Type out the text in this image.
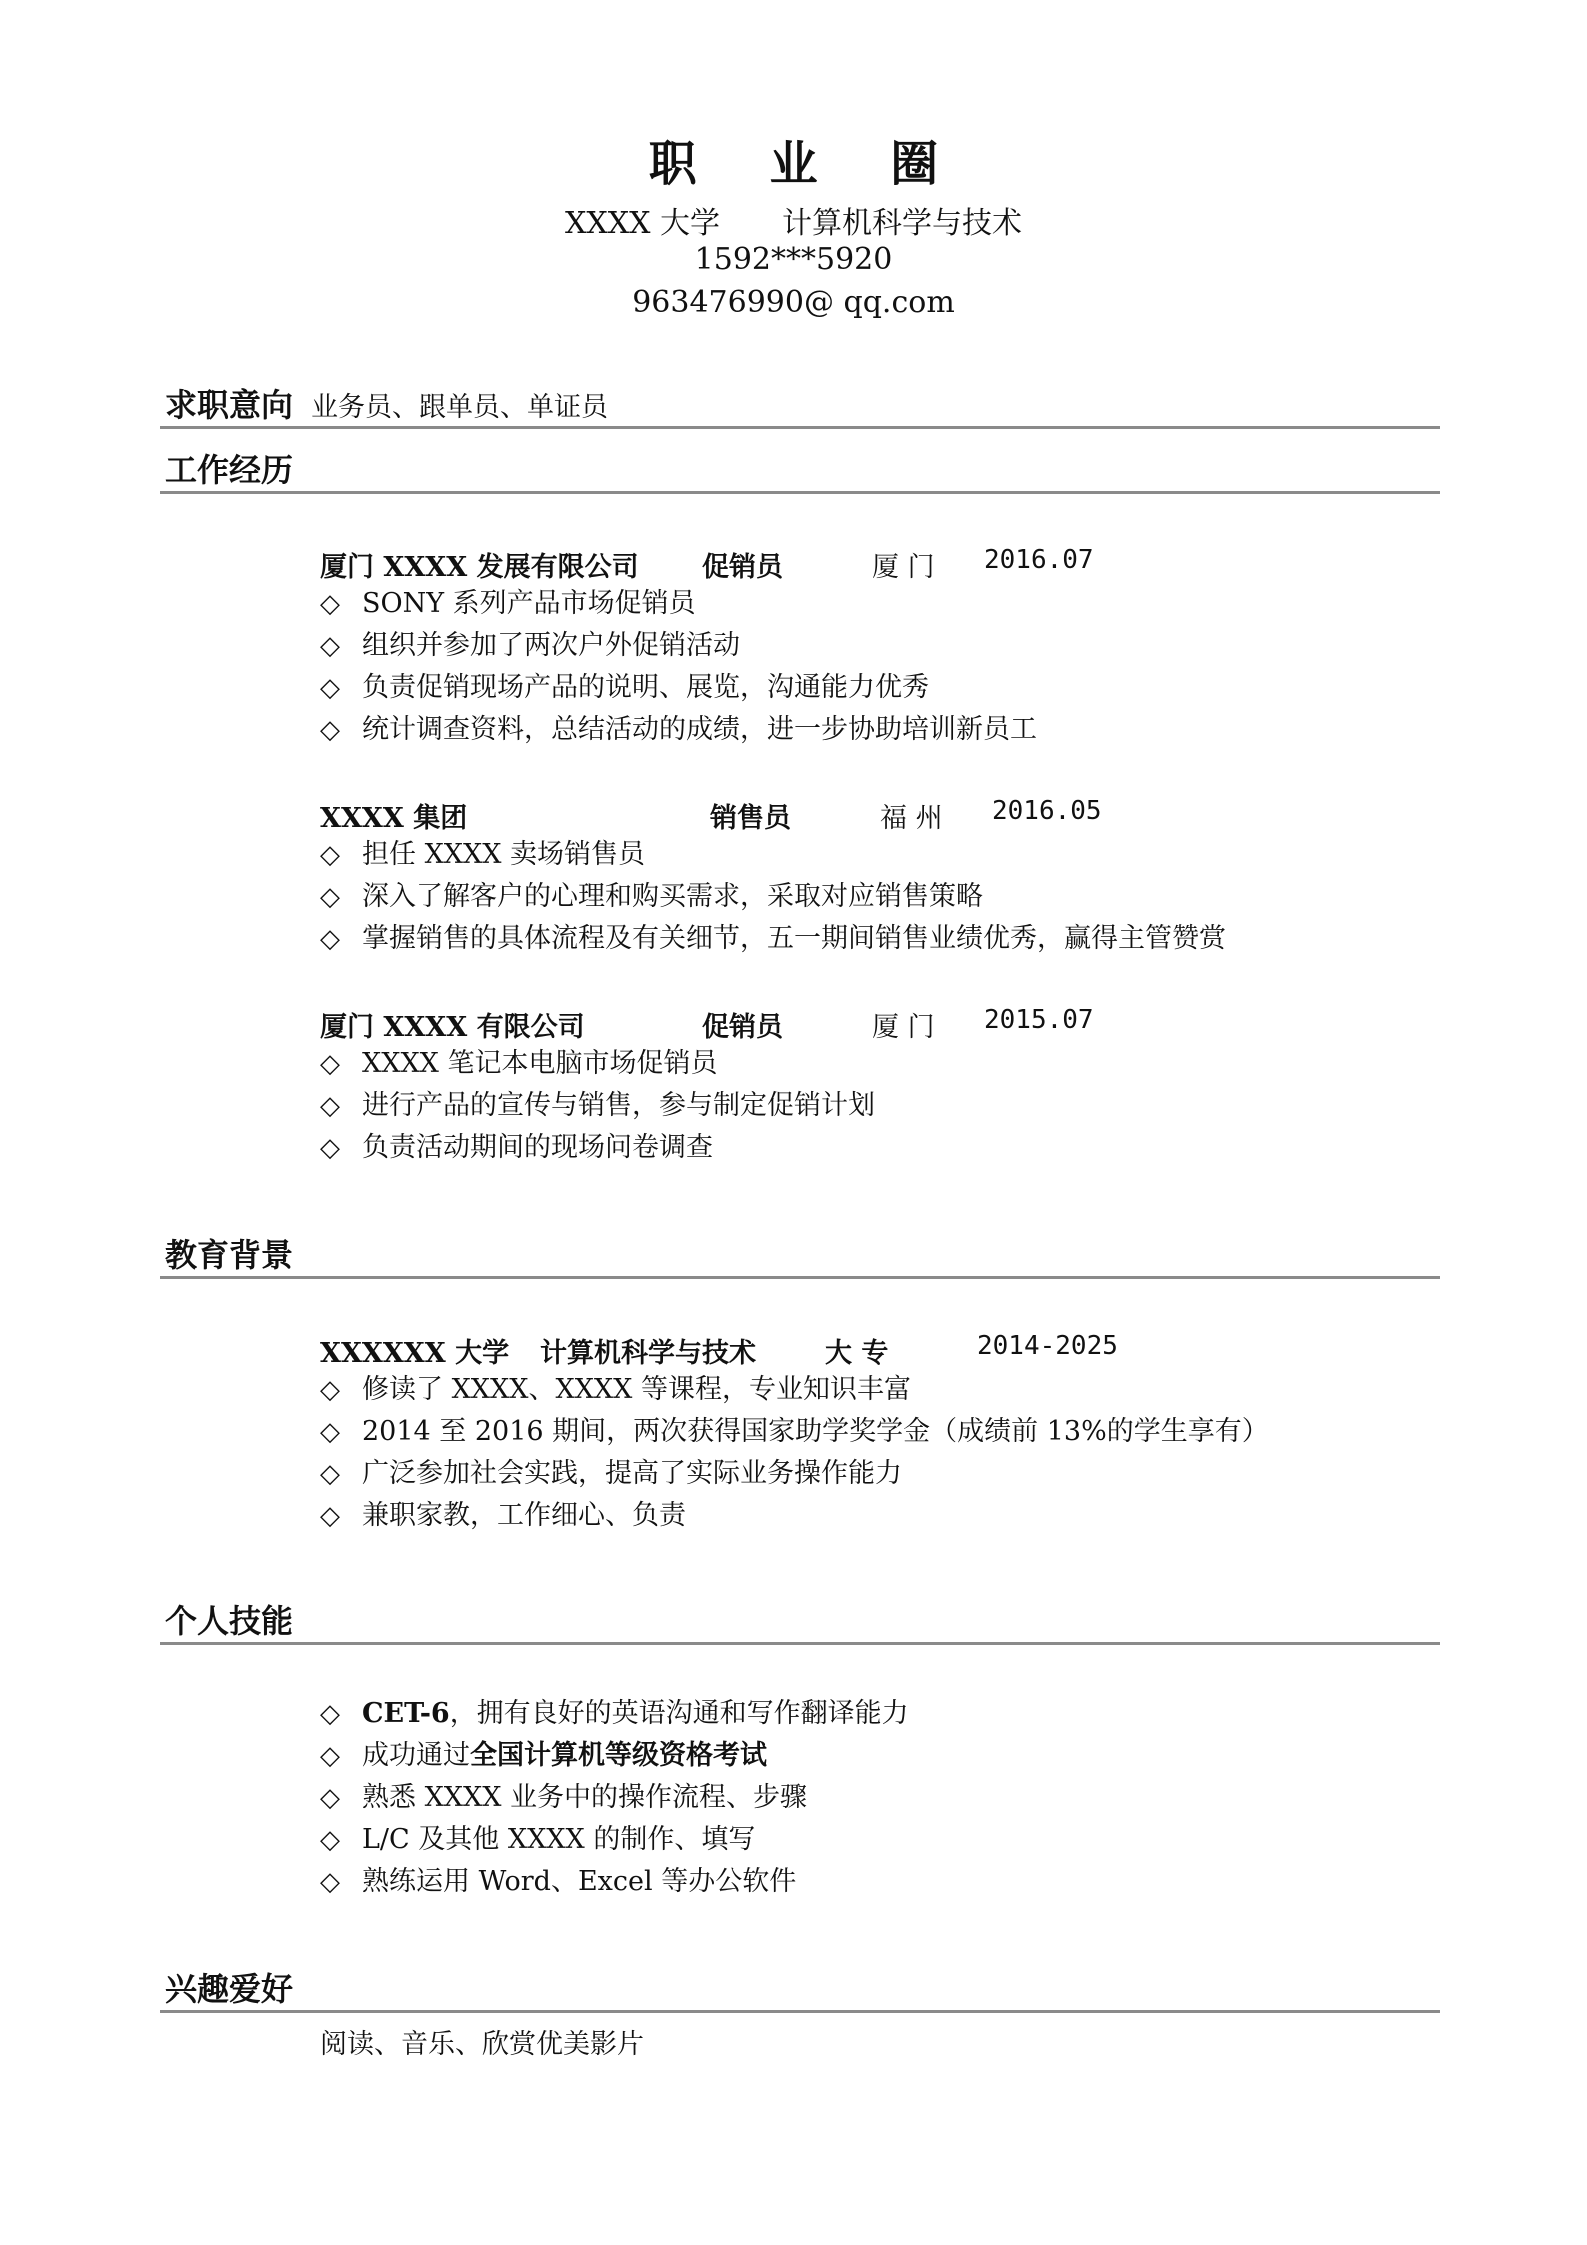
职 业 圈
XXXX 大学 计算机科学与技术
1592***5920
963476990@ qq.com
求职意向 业务员、跟单员、单证员
工作经历
厦门 XXXX 发展有限公司 促销员	厦 门 2016.07
◇ SONY 系列产品市场促销员
◇ 组织并参加了两次户外促销活动
◇ 负责促销现场产品的说明、展览，沟通能力优秀
◇ 统计调查资料，总结活动的成绩，进一步协助培训新员工
XXXX 集团	销售员	福 州 2016.05
◇ 担任 XXXX 卖场销售员
◇ 深入了解客户的心理和购买需求，采取对应销售策略
◇ 掌握销售的具体流程及有关细节，五一期间销售业绩优秀，赢得主管赞赏
厦门 XXXX 有限公司	促销员	厦 门 2015.07
◇ XXXX 笔记本电脑市场促销员
◇ 进行产品的宣传与销售，参与制定促销计划
◇ 负责活动期间的现场问卷调查
教育背景
XXXXXX 大学 计算机科学与技术	大 专	2014-2025
◇ 修读了 XXXX、XXXX 等课程，专业知识丰富
◇ 2014 至 2016 期间，两次获得国家助学奖学金（成绩前 13%的学生享有）
◇ 广泛参加社会实践，提高了实际业务操作能力
◇ 兼职家教，工作细心、负责
个人技能
◇ CET-6，拥有良好的英语沟通和写作翻译能力
◇ 成功通过全国计算机等级资格考试
◇ 熟悉 XXXX 业务中的操作流程、步骤
◇ L/C 及其他 XXXX 的制作、填写
◇ 熟练运用 Word、Excel 等办公软件
兴趣爱好
阅读、音乐、欣赏优美影片
